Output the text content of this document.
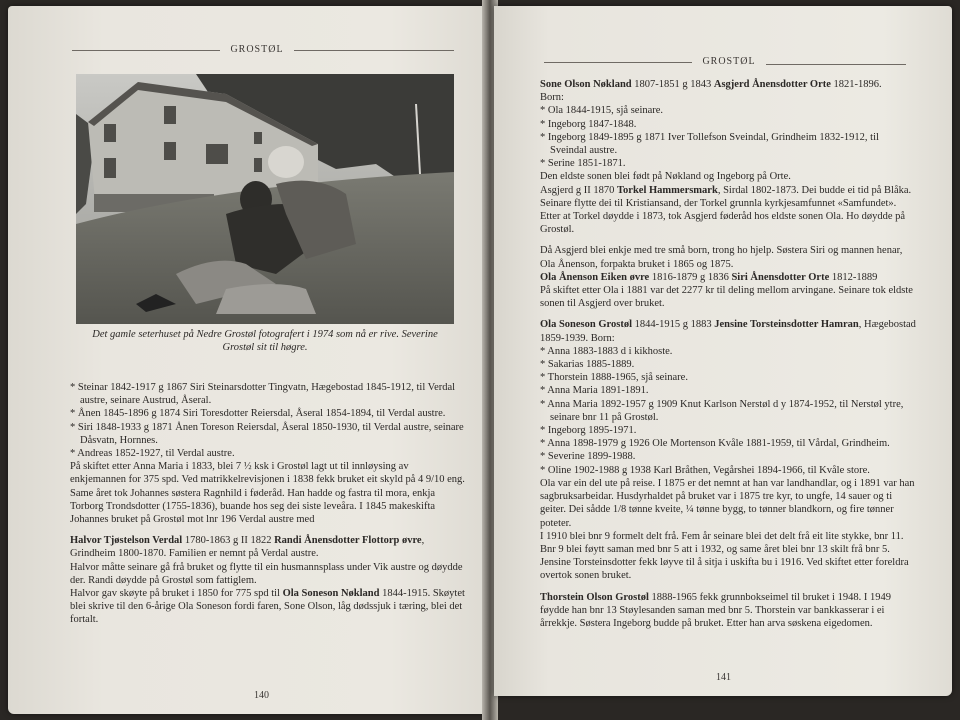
GROSTØL
Det gamle seterhuset på Nedre Grostøl fotografert i 1974 som nå er rive. Severine Grostøl sit til høgre.

* Steinar 1842-1917 g 1867 Siri Steinarsdotter Tingvatn, Hægebostad 1845-1912, til Verdal austre, seinare Austrud, Åseral.

* Ånen 1845-1896 g 1874 Siri Toresdotter Reiersdal, Åseral 1854-1894, til Verdal austre.

* Siri 1848-1933 g 1871 Ånen Toreson Reiersdal, Åseral 1850-1930, til Verdal austre, seinare Dåsvatn, Hornnes.

* Andreas 1852-1927, til Verdal austre.

På skiftet etter Anna Maria i 1833, blei 7 ½ ksk i Grostøl lagt ut til innløysing av enkjemannen for 375 spd. Ved matrikkelrevisjonen i 1838 fekk bruket eit skyld på 4 9/10 eng. Same året tok Johannes søstera Ragnhild i føderåd. Han hadde og fastra til mora, enkja Torborg Trondsdotter (1755-1836), buande hos seg dei siste leveåra. I 1845 makeskifta Johannes bruket på Grostøl mot lnr 196 Verdal austre med

Halvor Tjøstelson Verdal 1780-1863 g II 1822 Randi Ånensdotter Flottorp øvre, Grindheim 1800-1870. Familien er nemnt på Verdal austre.

Halvor måtte seinare gå frå bruket og flytte til ein husmannsplass under Vik austre og døydde der. Randi døydde på Grostøl som fattiglem.

Halvor gav skøyte på bruket i 1850 for 775 spd til Ola Soneson Nøkland 1844-1915. Skøytet blei skrive til den 6-årige Ola Soneson fordi faren, Sone Olson, låg dødssjuk i tæring, blei det fortalt.

140
GROSTØL

Sone Olson Nøkland 1807-1851 g 1843 Asgjerd Ånensdotter Orte 1821-1896.

Born:

* Ola 1844-1915, sjå seinare.

* Ingeborg 1847-1848.

* Ingeborg 1849-1895 g 1871 Iver Tollefson Sveindal, Grindheim 1832-1912, til Sveindal austre.

* Serine 1851-1871.

Den eldste sonen blei født på Nøkland og Ingeborg på Orte.

Asgjerd g II 1870 Torkel Hammersmark, Sirdal 1802-1873. Dei budde ei tid på Blåka. Seinare flytte dei til Kristiansand, der Torkel grunnla kyrkjesamfunnet «Samfundet». Etter at Torkel døydde i 1873, tok Asgjerd føderåd hos eldste sonen Ola. Ho døydde på Grostøl.

Då Asgjerd blei enkje med tre små born, trong ho hjelp. Søstera Siri og mannen henar, Ola Ånenson, forpakta bruket i 1865 og 1875.

Ola Ånenson Eiken øvre 1816-1879 g 1836 Siri Ånensdotter Orte 1812-1889

På skiftet etter Ola i 1881 var det 2277 kr til deling mellom arvingane. Seinare tok eldste sonen til Asgjerd over bruket.

Ola Soneson Grostøl 1844-1915 g 1883 Jensine Torsteinsdotter Hamran, Hægebostad 1859-1939. Born:

* Anna 1883-1883 d i kikhoste.

* Sakarias 1885-1889.

* Thorstein 1888-1965, sjå seinare.

* Anna Maria 1891-1891.

* Anna Maria 1892-1957 g 1909 Knut Karlson Nerstøl d y 1874-1952, til Nerstøl ytre, seinare bnr 11 på Grostøl.

* Ingeborg 1895-1971.

* Anna 1898-1979 g 1926 Ole Mortenson Kvåle 1881-1959, til Vårdal, Grindheim.

* Severine 1899-1988.

* Oline 1902-1988 g 1938 Karl Bråthen, Vegårshei 1894-1966, til Kvåle store.

Ola var ein del ute på reise. I 1875 er det nemnt at han var landhandlar, og i 1891 var han sagbruksarbeidar. Husdyrhaldet på bruket var i 1875 tre kyr, to ungfe, 14 sauer og ti geiter. Dei sådde 1/8 tønne kveite, ¼ tønne bygg, to tønner blandkorn, og fire tønner poteter.

I 1910 blei bnr 9 formelt delt frå. Fem år seinare blei det delt frå eit lite stykke, bnr 11. Bnr 9 blei føytt saman med bnr 5 att i 1932, og same året blei bnr 13 skilt frå bnr 5. Jensine Torsteinsdotter fekk løyve til å sitja i uskifta bu i 1916. Ved skiftet etter foreldra overtok sonen bruket.

Thorstein Olson Grostøl 1888-1965 fekk grunnbokseimel til bruket i 1948. I 1949 føydde han bnr 13 Støylesanden saman med bnr 5. Thorstein var bankkasserar i ei årrekkje. Søstera Ingeborg budde på bruket. Etter han arva søskena eigedomen.

141
